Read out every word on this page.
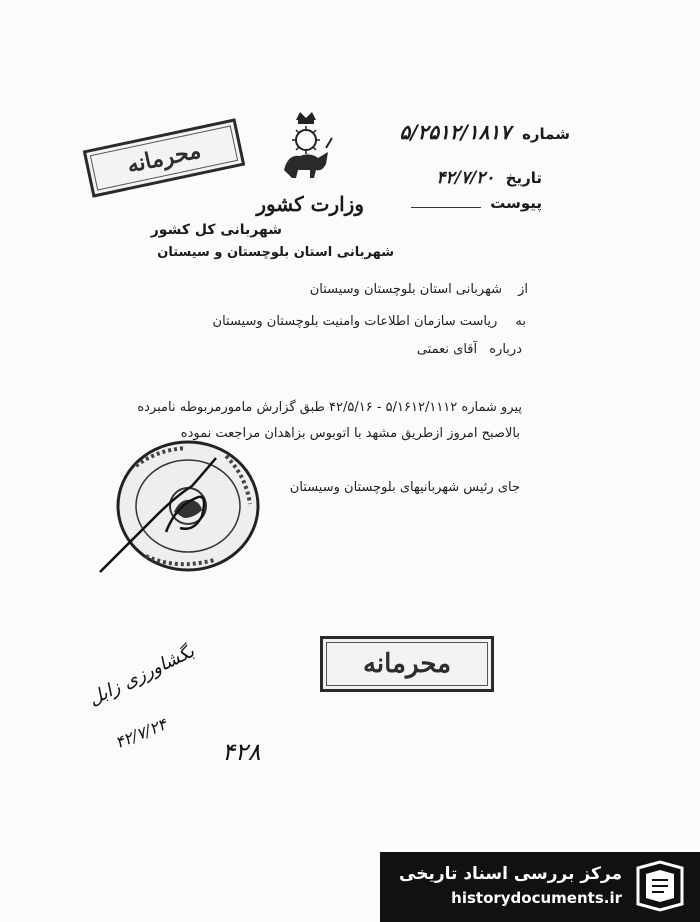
محرمانه
شماره ۵/۲۵۱۲/۱۸۱۷
تاریخ ۴۲/۷/۲۰
پیوست
وزارت کشور
شهربانی کل کشور
شهربانی استان بلوچستان و سیستان
از شهربانی استان بلوچستان وسیستان
به ریاست سازمان اطلاعات وامنیت بلوچستان وسیستان
درباره آقای نعمتی
پیرو شماره ۵/۱۶۱۲/۱۱۱۲ - ۴۲/۵/۱۶ طبق گزارش مامورمربوطه نامبرده
بالاصبح امروز ازطریق مشهد با اتوبوس بزاهدان مراجعت نموده
جای رئیس شهربانیهای بلوچستان وسیستان
محرمانه
بگشاورزی زابل
۴۲/۷/۲۴ ۴۲۸
مرکز بررسی اسناد تاریخی
historydocuments.ir
